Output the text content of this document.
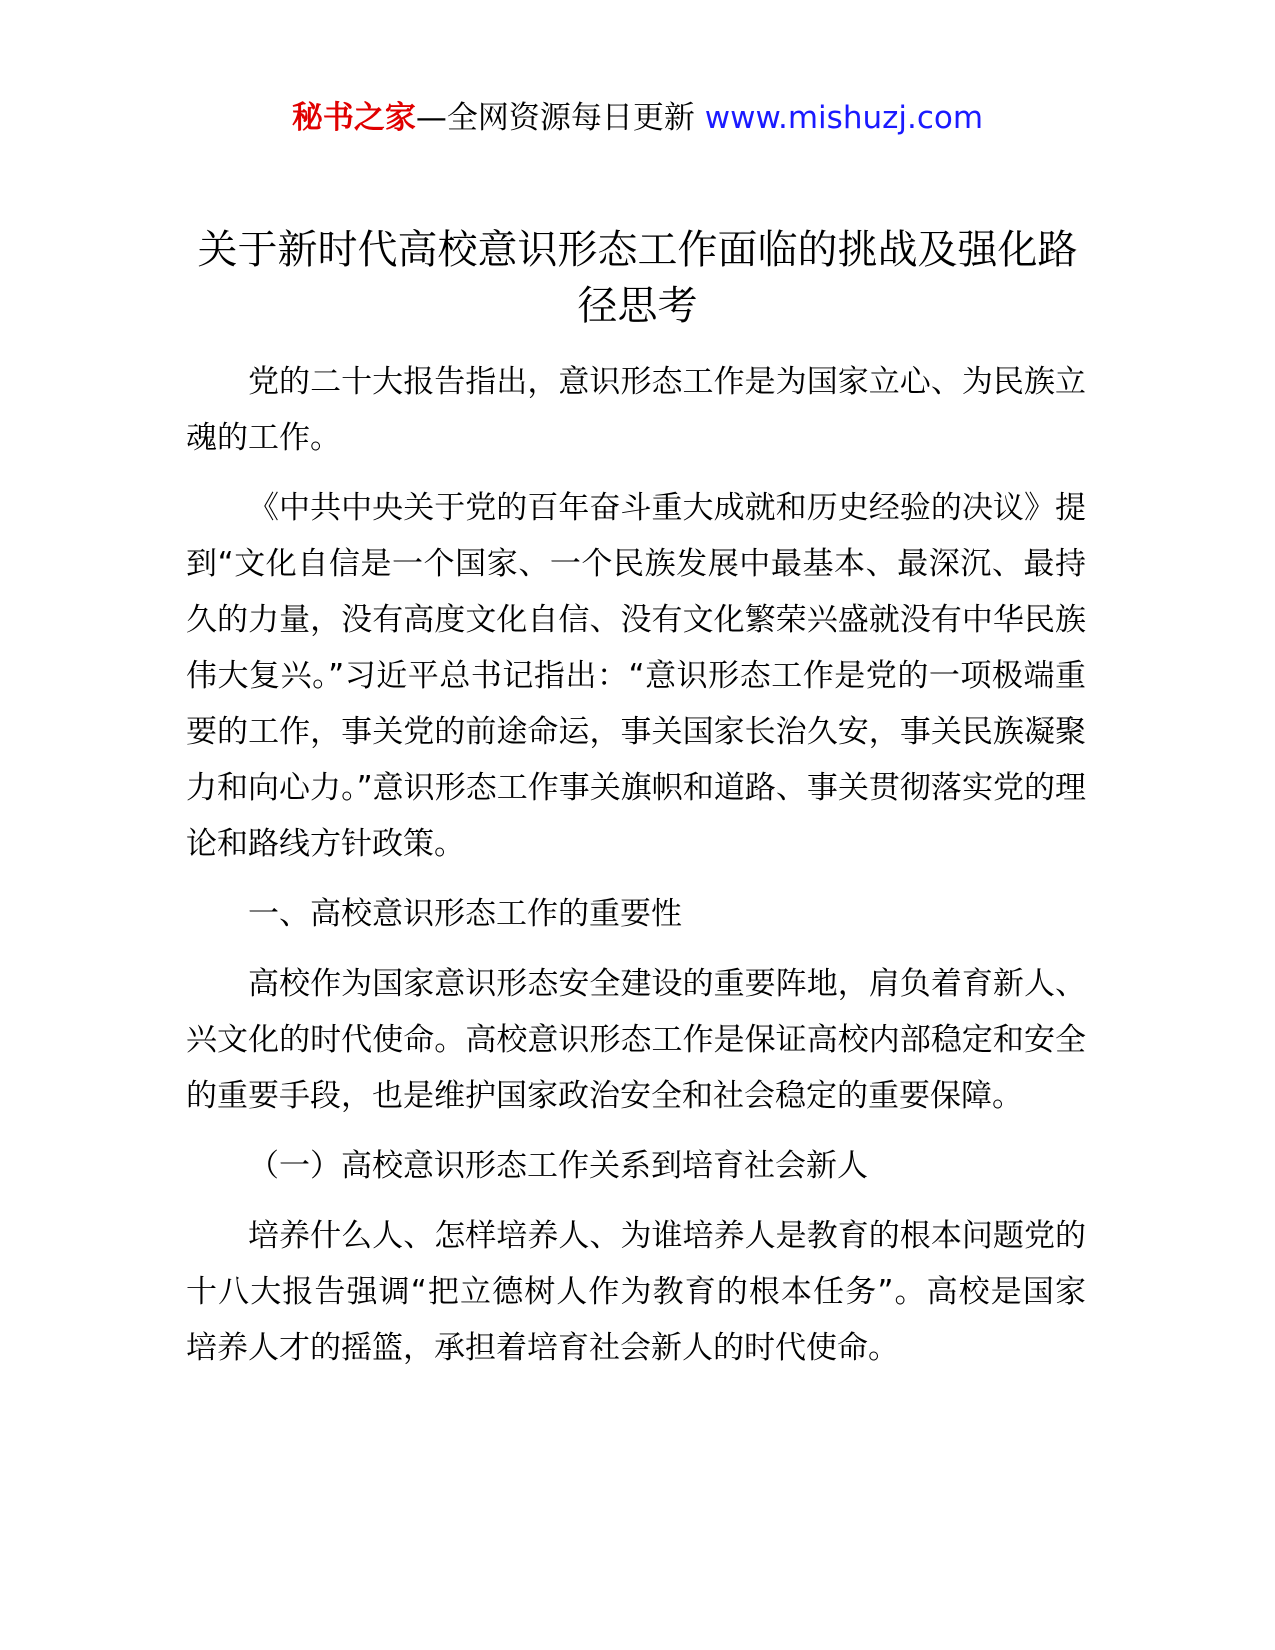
秘书之家—全网资源每日更新 www.mishuzj.com
关于新时代高校意识形态工作面临的挑战及强化路径思考

党的二十大报告指出，意识形态工作是为国家立心、为民族立魂的工作。

《中共中央关于党的百年奋斗重大成就和历史经验的决议》提到“文化自信是一个国家、一个民族发展中最基本、最深沉、最持久的力量，没有高度文化自信、没有文化繁荣兴盛就没有中华民族伟大复兴。”习近平总书记指出：“意识形态工作是党的一项极端重要的工作，事关党的前途命运，事关国家长治久安，事关民族凝聚力和向心力。”意识形态工作事关旗帜和道路、事关贯彻落实党的理论和路线方针政策。

一、高校意识形态工作的重要性

高校作为国家意识形态安全建设的重要阵地，肩负着育新人、兴文化的时代使命。高校意识形态工作是保证高校内部稳定和安全的重要手段，也是维护国家政治安全和社会稳定的重要保障。

（一）高校意识形态工作关系到培育社会新人

培养什么人、怎样培养人、为谁培养人是教育的根本问题党的十八大报告强调“把立德树人作为教育的根本任务”。高校是国家培养人才的摇篮，承担着培育社会新人的时代使命。
